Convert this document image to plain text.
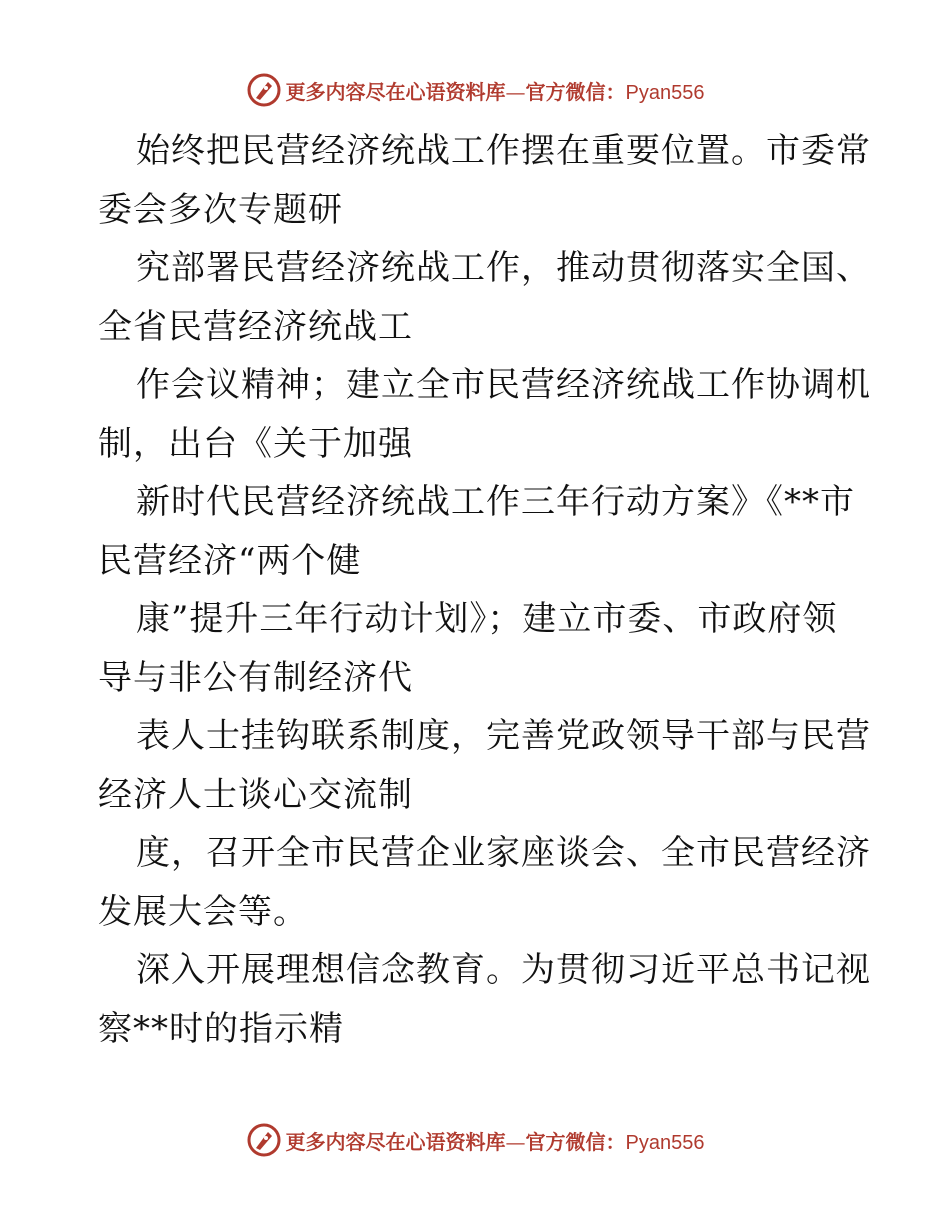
更多内容尽在心语资料库—官方微信：Pyan556
始终把民营经济统战工作摆在重要位置。市委常
委会多次专题研
究部署民营经济统战工作，推动贯彻落实全国、
全省民营经济统战工
作会议精神；建立全市民营经济统战工作协调机
制，出台《关于加强
新时代民营经济统战工作三年行动方案》《**市
民营经济“两个健
康”提升三年行动计划》；建立市委、市政府领
导与非公有制经济代
表人士挂钩联系制度，完善党政领导干部与民营
经济人士谈心交流制
度，召开全市民营企业家座谈会、全市民营经济
发展大会等。
深入开展理想信念教育。为贯彻习近平总书记视
察**时的指示精
更多内容尽在心语资料库—官方微信：Pyan556
